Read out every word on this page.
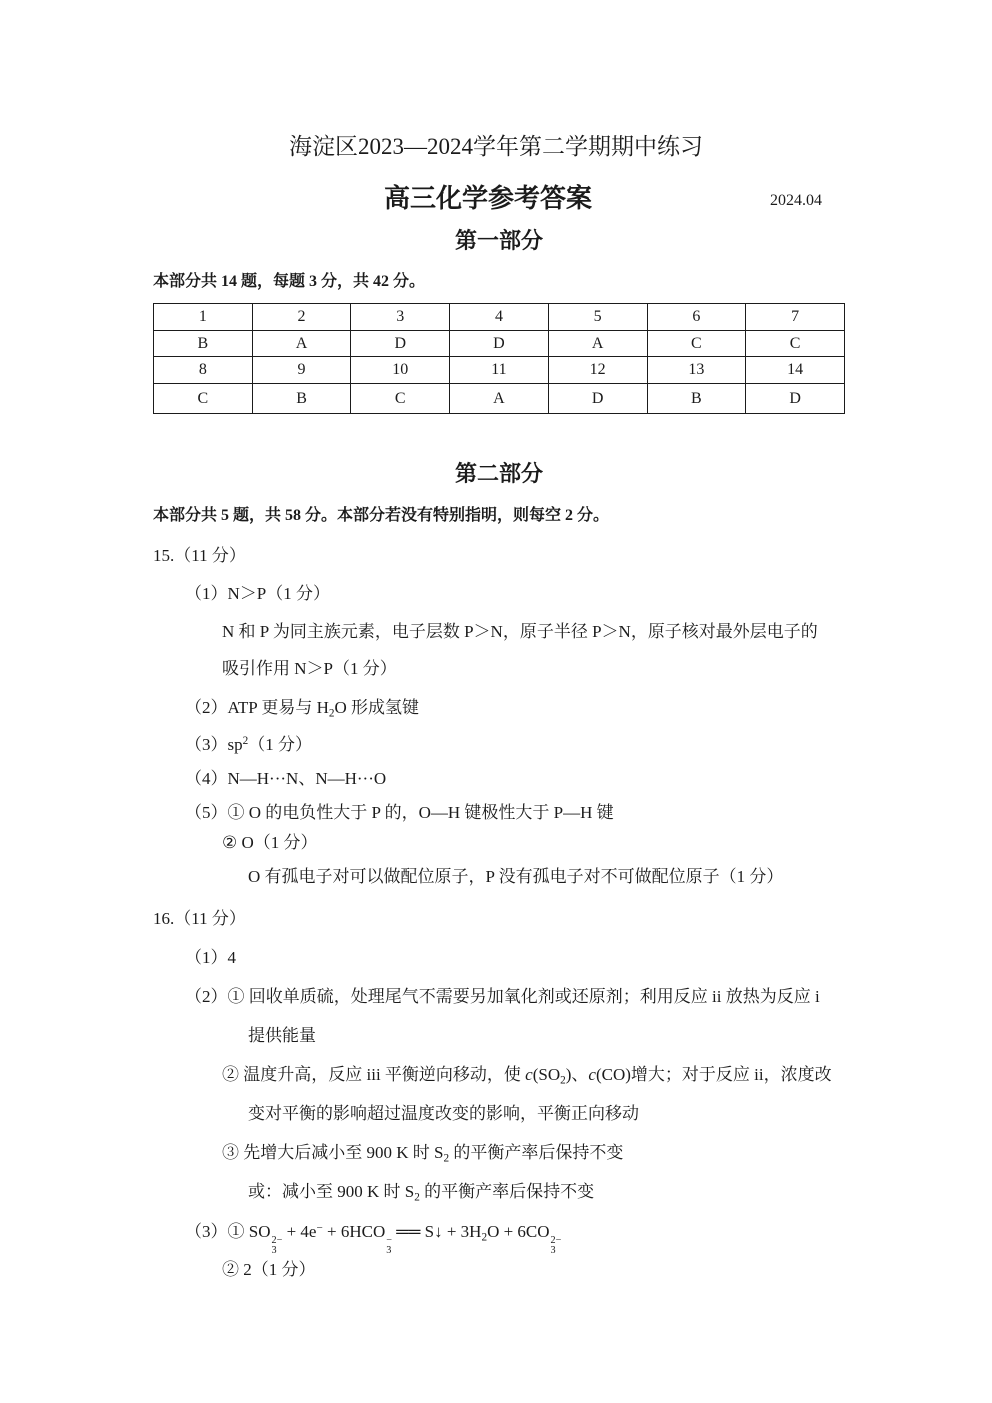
海淀区2023—2024学年第二学期期中练习
高三化学参考答案	2024.04
第一部分
本部分共 14 题，每题 3 分，共 42 分。
1	2	3	4	5	6	7
B	A	D	D	A	C	C
8	9	10	11	12	13	14
C	B	C	A	D	B	D
第二部分
本部分共 5 题，共 58 分。本部分若没有特别指明，则每空 2 分。
15.（11 分）
（1）N＞P（1 分）
N 和 P 为同主族元素，电子层数 P＞N，原子半径 P＞N，原子核对最外层电子的
吸引作用 N＞P（1 分）
（2）ATP 更易与 H2O 形成氢键
$(3)sp^2(1$ 分）
（4）N—H···N、N—H···O
（5）① O 的电负性大于 P 的，O—H 键极性大于 P—H 键
② O（1 分）
O 有孤电子对可以做配位原子，P 没有孤电子对不可做配位原子（1 分）
16.（11 分）
（1）4
（2）① 回收单质硫，处理尾气不需要另加氧化剂或还原剂；利用反应 ii 放热为反应 i
提供能量
② 温度升高，反应 iii 平衡逆向移动，使 c(SO2)、c(CO)增大；对于反应 ii，浓度改
变对平衡的影响超过温度改变的影响，平衡正向移动
③ 先增大后减小至 900 K 时 S2 的平衡产率后保持不变
或：减小至 900 K 时 S2 的平衡产率后保持不变
（3）① SO 2−
3
+ 4e− + 6HCO −
3
══ S↓ + 3H2O + 6CO 2−
3
② 2（1 分）
